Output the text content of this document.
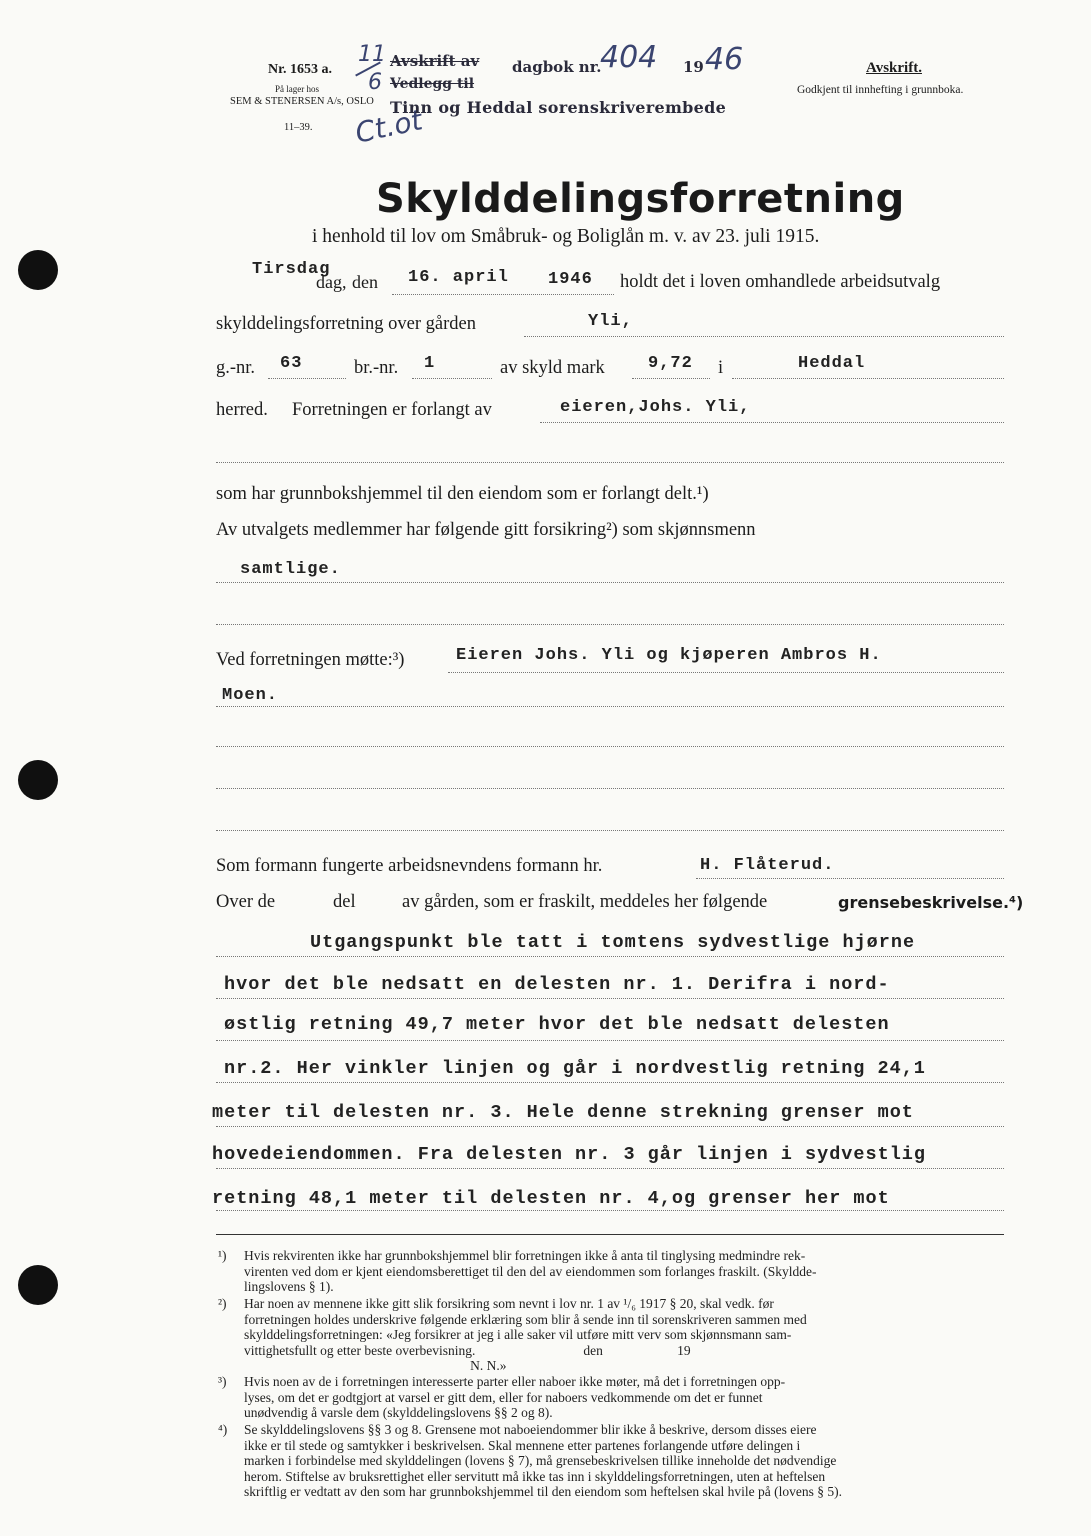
Nr. 1653 a.
På lager hos
SEM & STENERSEN A/s, OSLO
11–39.
11
6
Ct.ot
Avskrift av dagbok nr.
404 19 46
Vedlegg til
Tinn og Heddal sorenskriverembede
Avskrift.
Godkjent til innhefting i grunnboka.
Skylddelingsforretning
i henhold til lov om Småbruk- og Boliglån m. v. av 23. juli 1915.
Tirsdag
dag, den 16. april 1946 holdt det i loven omhandlede arbeidsutvalg
skylddelingsforretning over gården	Yli,
g.-nr. 63	br.-nr. 1	av skyld mark	9,72 i	Heddal
herred. Forretningen er forlangt av	eieren,Johs. Yli,
som har grunnbokshjemmel til den eiendom som er forlangt delt.¹)
Av utvalgets medlemmer har følgende gitt forsikring²) som skjønnsmenn
samtlige.
Ved forretningen møtte:³)	Eieren Johs. Yli og kjøperen Ambros H.
Moen.
Som formann fungerte arbeidsnevndens formann hr.	H. Flåterud.
Over de	del	av gården, som er fraskilt, meddeles her følgende	grensebeskrivelse.⁴)
Utgangspunkt ble tatt i tomtens sydvestlige hjørne
hvor det ble nedsatt en delesten nr. 1. Derifra i nord-
østlig retning 49,7 meter hvor det ble nedsatt delesten
nr.2. Her vinkler linjen og går i nordvestlig retning 24,1
meter til delesten nr. 3. Hele denne strekning grenser mot
hovedeiendommen. Fra delesten nr. 3 går linjen i sydvestlig
retning 48,1 meter til delesten nr. 4,og grenser her mot
¹) Hvis rekvirenten ikke har grunnbokshjemmel blir forretningen ikke å anta til tinglysing medmindre rek-

virenten ved dom er kjent eiendomsberettiget til den del av eiendommen som forlanges fraskilt. (Skyldde-

lingslovens § 1).

²) Har noen av mennene ikke gitt slik forsikring som nevnt i lov nr. 1 av ¹/₆ 1917 § 20, skal vedk. før

forretningen holdes underskrive følgende erklæring som blir å sende inn til sorenskriveren sammen med

skylddelingsforretningen: «Jeg forsikrer at jeg i alle saker vil utføre mitt verv som skjønnsmann sam-

vittighetsfullt og etter beste overbevisning.                                den                      19

N. N.»

³) Hvis noen av de i forretningen interesserte parter eller naboer ikke møter, må det i forretningen opp-

lyses, om det er godtgjort at varsel er gitt dem, eller for naboers vedkommende om det er funnet

unødvendig å varsle dem (skylddelingslovens §§ 2 og 8).

⁴) Se skylddelingslovens §§ 3 og 8. Grensene mot naboeiendommer blir ikke å beskrive, dersom disses eiere

ikke er til stede og samtykker i beskrivelsen. Skal mennene etter partenes forlangende utføre delingen i

marken i forbindelse med skylddelingen (lovens § 7), må grensebeskrivelsen tillike inneholde det nødvendige

herom. Stiftelse av bruksrettighet eller servitutt må ikke tas inn i skylddelingsforretningen, uten at heftelsen

skriftlig er vedtatt av den som har grunnbokshjemmel til den eiendom som heftelsen skal hvile på (lovens § 5).
